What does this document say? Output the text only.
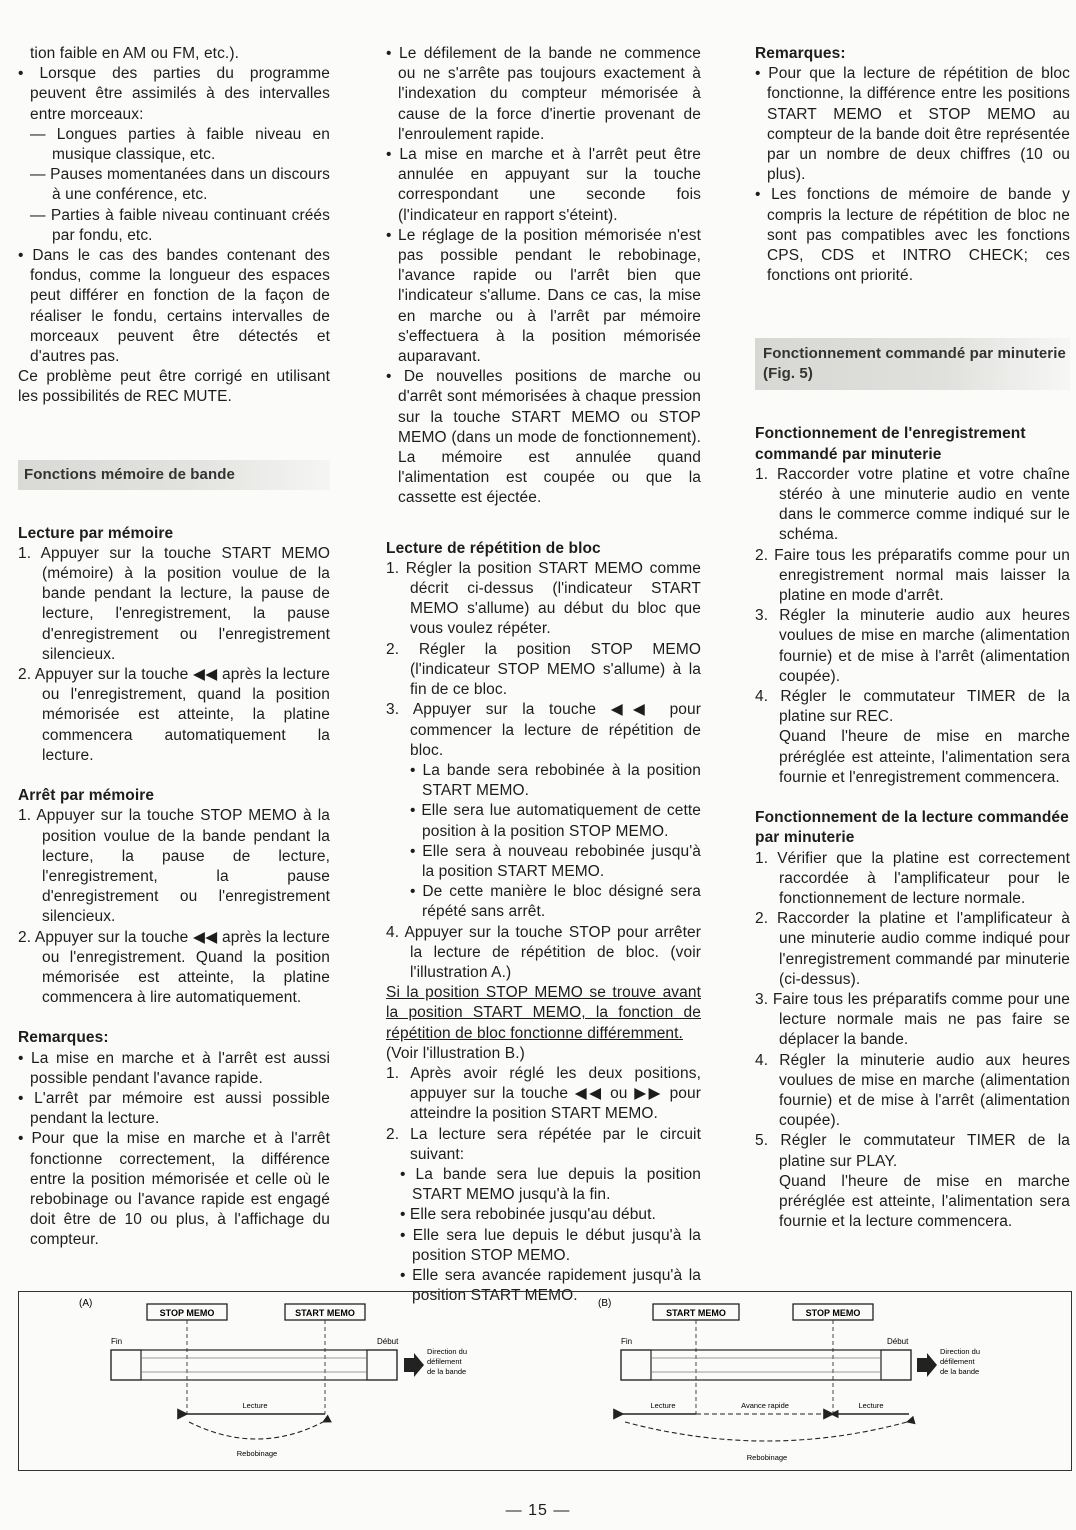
tion faible en AM ou FM, etc.).

• Lorsque des parties du programme peuvent être assimilés à des intervalles entre morceaux:

— Longues parties à faible niveau en musique classique, etc.

— Pauses momentanées dans un discours à une conférence, etc.

— Parties à faible niveau continuant créés par fondu, etc.

• Dans le cas des bandes contenant des fondus, comme la longueur des espaces peut différer en fonction de la façon de réaliser le fondu, certains intervalles de morceaux peuvent être détectés et d'autres pas.

Ce problème peut être corrigé en utilisant les possibilités de REC MUTE.

Fonctions mémoire de bande

Lecture par mémoire

1. Appuyer sur la touche START MEMO (mémoire) à la position voulue de la bande pendant la lecture, la pause de lecture, l'enregistrement, la pause d'enregistrement ou l'enregistrement silencieux.

2. Appuyer sur la touche ◀◀ après la lecture ou l'enregistrement, quand la position mémorisée est atteinte, la platine commencera automatiquement la lecture.

Arrêt par mémoire

1. Appuyer sur la touche STOP MEMO à la position voulue de la bande pendant la lecture, la pause de lecture, l'enregistrement, la pause d'enregistrement ou l'enregistrement silencieux.

2. Appuyer sur la touche ◀◀ après la lecture ou l'enregistrement. Quand la position mémorisée est atteinte, la platine commencera à lire automatiquement.

Remarques:

• La mise en marche et à l'arrêt est aussi possible pendant l'avance rapide.

• L'arrêt par mémoire est aussi possible pendant la lecture.

• Pour que la mise en marche et à l'arrêt fonctionne correctement, la différence entre la position mémorisée et celle où le rebobinage ou l'avance rapide est engagé doit être de 10 ou plus, à l'affichage du compteur.

• Le défilement de la bande ne commence ou ne s'arrête pas toujours exactement à l'indexation du compteur mémorisée à cause de la force d'inertie provenant de l'enroulement rapide.

• La mise en marche et à l'arrêt peut être annulée en appuyant sur la touche correspondant une seconde fois (l'indicateur en rapport s'éteint).

• Le réglage de la position mémorisée n'est pas possible pendant le rebobinage, l'avance rapide ou l'arrêt bien que l'indicateur s'allume. Dans ce cas, la mise en marche ou à l'arrêt par mémoire s'effectuera à la position mémorisée auparavant.

• De nouvelles positions de marche ou d'arrêt sont mémorisées à chaque pression sur la touche START MEMO ou STOP MEMO (dans un mode de fonctionnement). La mémoire est annulée quand l'alimentation est coupée ou que la cassette est éjectée.

Lecture de répétition de bloc

1. Régler la position START MEMO comme décrit ci-dessus (l'indicateur START MEMO s'allume) au début du bloc que vous voulez répéter.

2. Régler la position STOP MEMO (l'indicateur STOP MEMO s'allume) à la fin de ce bloc.

3. Appuyer sur la touche ◀◀ pour commencer la lecture de répétition de bloc.

• La bande sera rebobinée à la position START MEMO.

• Elle sera lue automatiquement de cette position à la position STOP MEMO.

• Elle sera à nouveau rebobinée jusqu'à la position START MEMO.

• De cette manière le bloc désigné sera répété sans arrêt.

4. Appuyer sur la touche STOP pour arrêter la lecture de répétition de bloc. (voir l'illustration A.)

Si la position STOP MEMO se trouve avant la position START MEMO, la fonction de répétition de bloc fonctionne différemment.

(Voir l'illustration B.)

1. Après avoir réglé les deux positions, appuyer sur la touche ◀◀ ou ▶▶ pour atteindre la position START MEMO.

2. La lecture sera répétée par le circuit suivant:

• La bande sera lue depuis la position START MEMO jusqu'à la fin.

• Elle sera rebobinée jusqu'au début.

• Elle sera lue depuis le début jusqu'à la position STOP MEMO.

• Elle sera avancée rapidement jusqu'à la position START MEMO.

Remarques:

• Pour que la lecture de répétition de bloc fonctionne, la différence entre les positions START MEMO et STOP MEMO au compteur de la bande doit être représentée par un nombre de deux chiffres (10 ou plus).

• Les fonctions de mémoire de bande y compris la lecture de répétition de bloc ne sont pas compatibles avec les fonctions CPS, CDS et INTRO CHECK; ces fonctions ont priorité.

Fonctionnement commandé par minuterie (Fig. 5)

Fonctionnement de l'enregistrement commandé par minuterie

1. Raccorder votre platine et votre chaîne stéréo à une minuterie audio en vente dans le commerce comme indiqué sur le schéma.

2. Faire tous les préparatifs comme pour un enregistrement normal mais laisser la platine en mode d'arrêt.

3. Régler la minuterie audio aux heures voulues de mise en marche (alimentation fournie) et de mise à l'arrêt (alimentation coupée).

4. Régler le commutateur TIMER de la platine sur REC.

Quand l'heure de mise en marche préréglée est atteinte, l'alimentation sera fournie et l'enregistrement commencera.

Fonctionnement de la lecture commandée par minuterie

1. Vérifier que la platine est correctement raccordée à l'amplificateur pour le fonctionnement de lecture normale.

2. Raccorder la platine et l'amplificateur à une minuterie audio comme indiqué pour l'enregistrement commandé par minuterie (ci-dessus).

3. Faire tous les préparatifs comme pour une lecture normale mais ne pas faire se déplacer la bande.

4. Régler la minuterie audio aux heures voulues de mise en marche (alimentation fournie) et de mise à l'arrêt (alimentation coupée).

5. Régler le commutateur TIMER de la platine sur PLAY.

Quand l'heure de mise en marche préréglée est atteinte, l'alimentation sera fournie et la lecture commencera.

(A)
STOP MEMO	START MEMO
Fin	Début
Direction du
défilement
de la bande
Lecture
Rebobinage
(B)
START MEMO	STOP MEMO
Fin	Début
Direction du
défilement
de la bande
Lecture	Avance rapide	Lecture
Rebobinage
— 15 —
